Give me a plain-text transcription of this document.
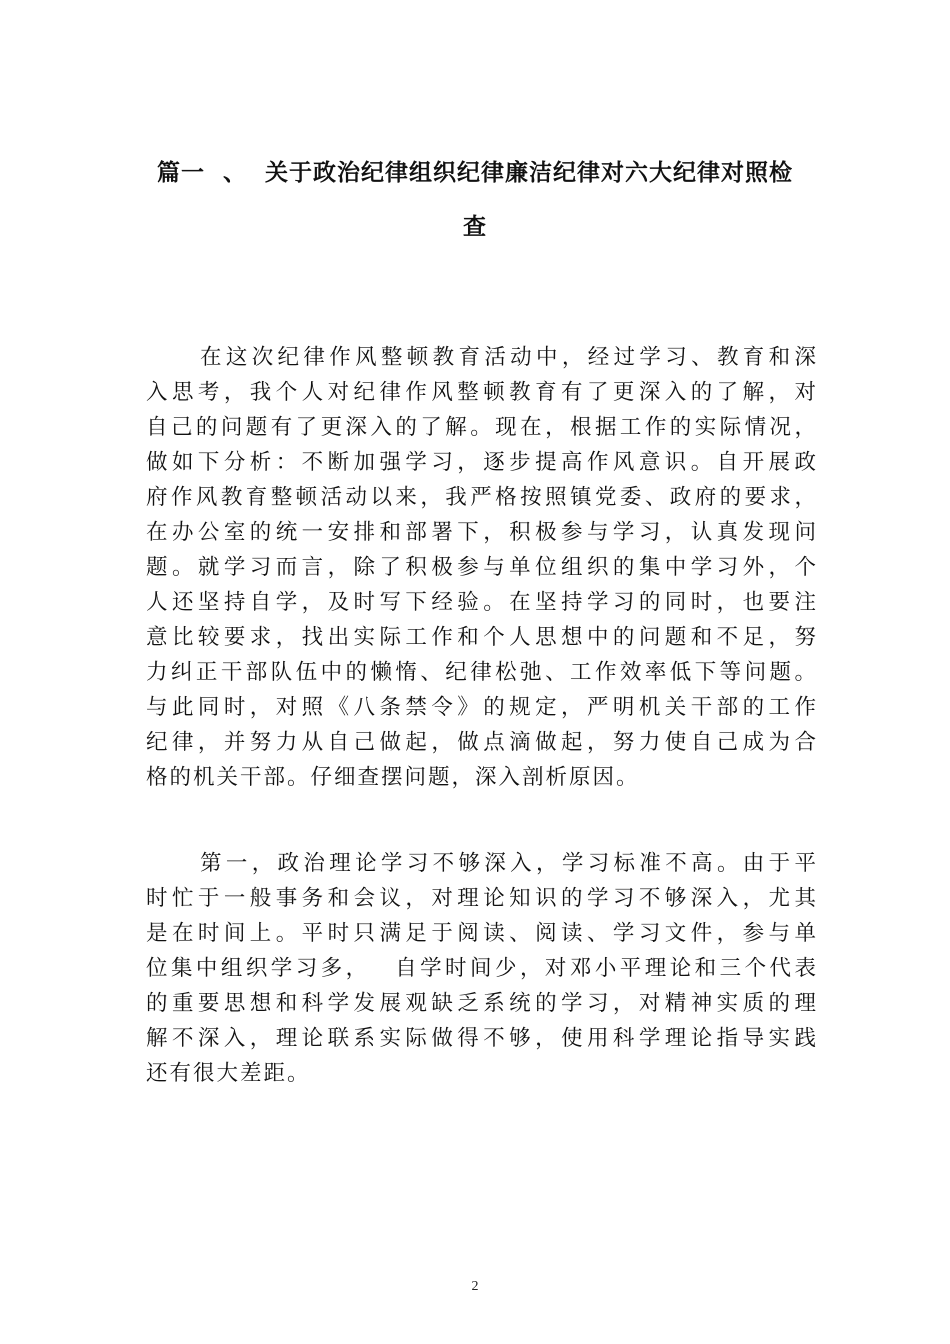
篇一 、 关于政治纪律组织纪律廉洁纪律对六大纪律对照检
查
在这次纪律作风整顿教育活动中，经过学习、教育和深
入思考，我个人对纪律作风整顿教育有了更深入的了解，对
自己的问题有了更深入的了解。现在，根据工作的实际情况，
做如下分析：不断加强学习，逐步提高作风意识。自开展政
府作风教育整顿活动以来，我严格按照镇党委、政府的要求，
在办公室的统一安排和部署下，积极参与学习，认真发现问
题。就学习而言，除了积极参与单位组织的集中学习外，个
人还坚持自学，及时写下经验。在坚持学习的同时，也要注
意比较要求，找出实际工作和个人思想中的问题和不足，努
力纠正干部队伍中的懒惰、纪律松弛、工作效率低下等问题。
与此同时，对照《八条禁令》的规定，严明机关干部的工作
纪律，并努力从自己做起，做点滴做起，努力使自己成为合
格的机关干部。仔细查摆问题，深入剖析原因。
第一，政治理论学习不够深入，学习标准不高。由于平
时忙于一般事务和会议，对理论知识的学习不够深入，尤其
是在时间上。平时只满足于阅读、阅读、学习文件，参与单
位集中组织学习多，　 自学时间少，对邓小平理论和三个代表
的重要思想和科学发展观缺乏系统的学习，对精神实质的理
解不深入，理论联系实际做得不够，使用科学理论指导实践
还有很大差距。
2
